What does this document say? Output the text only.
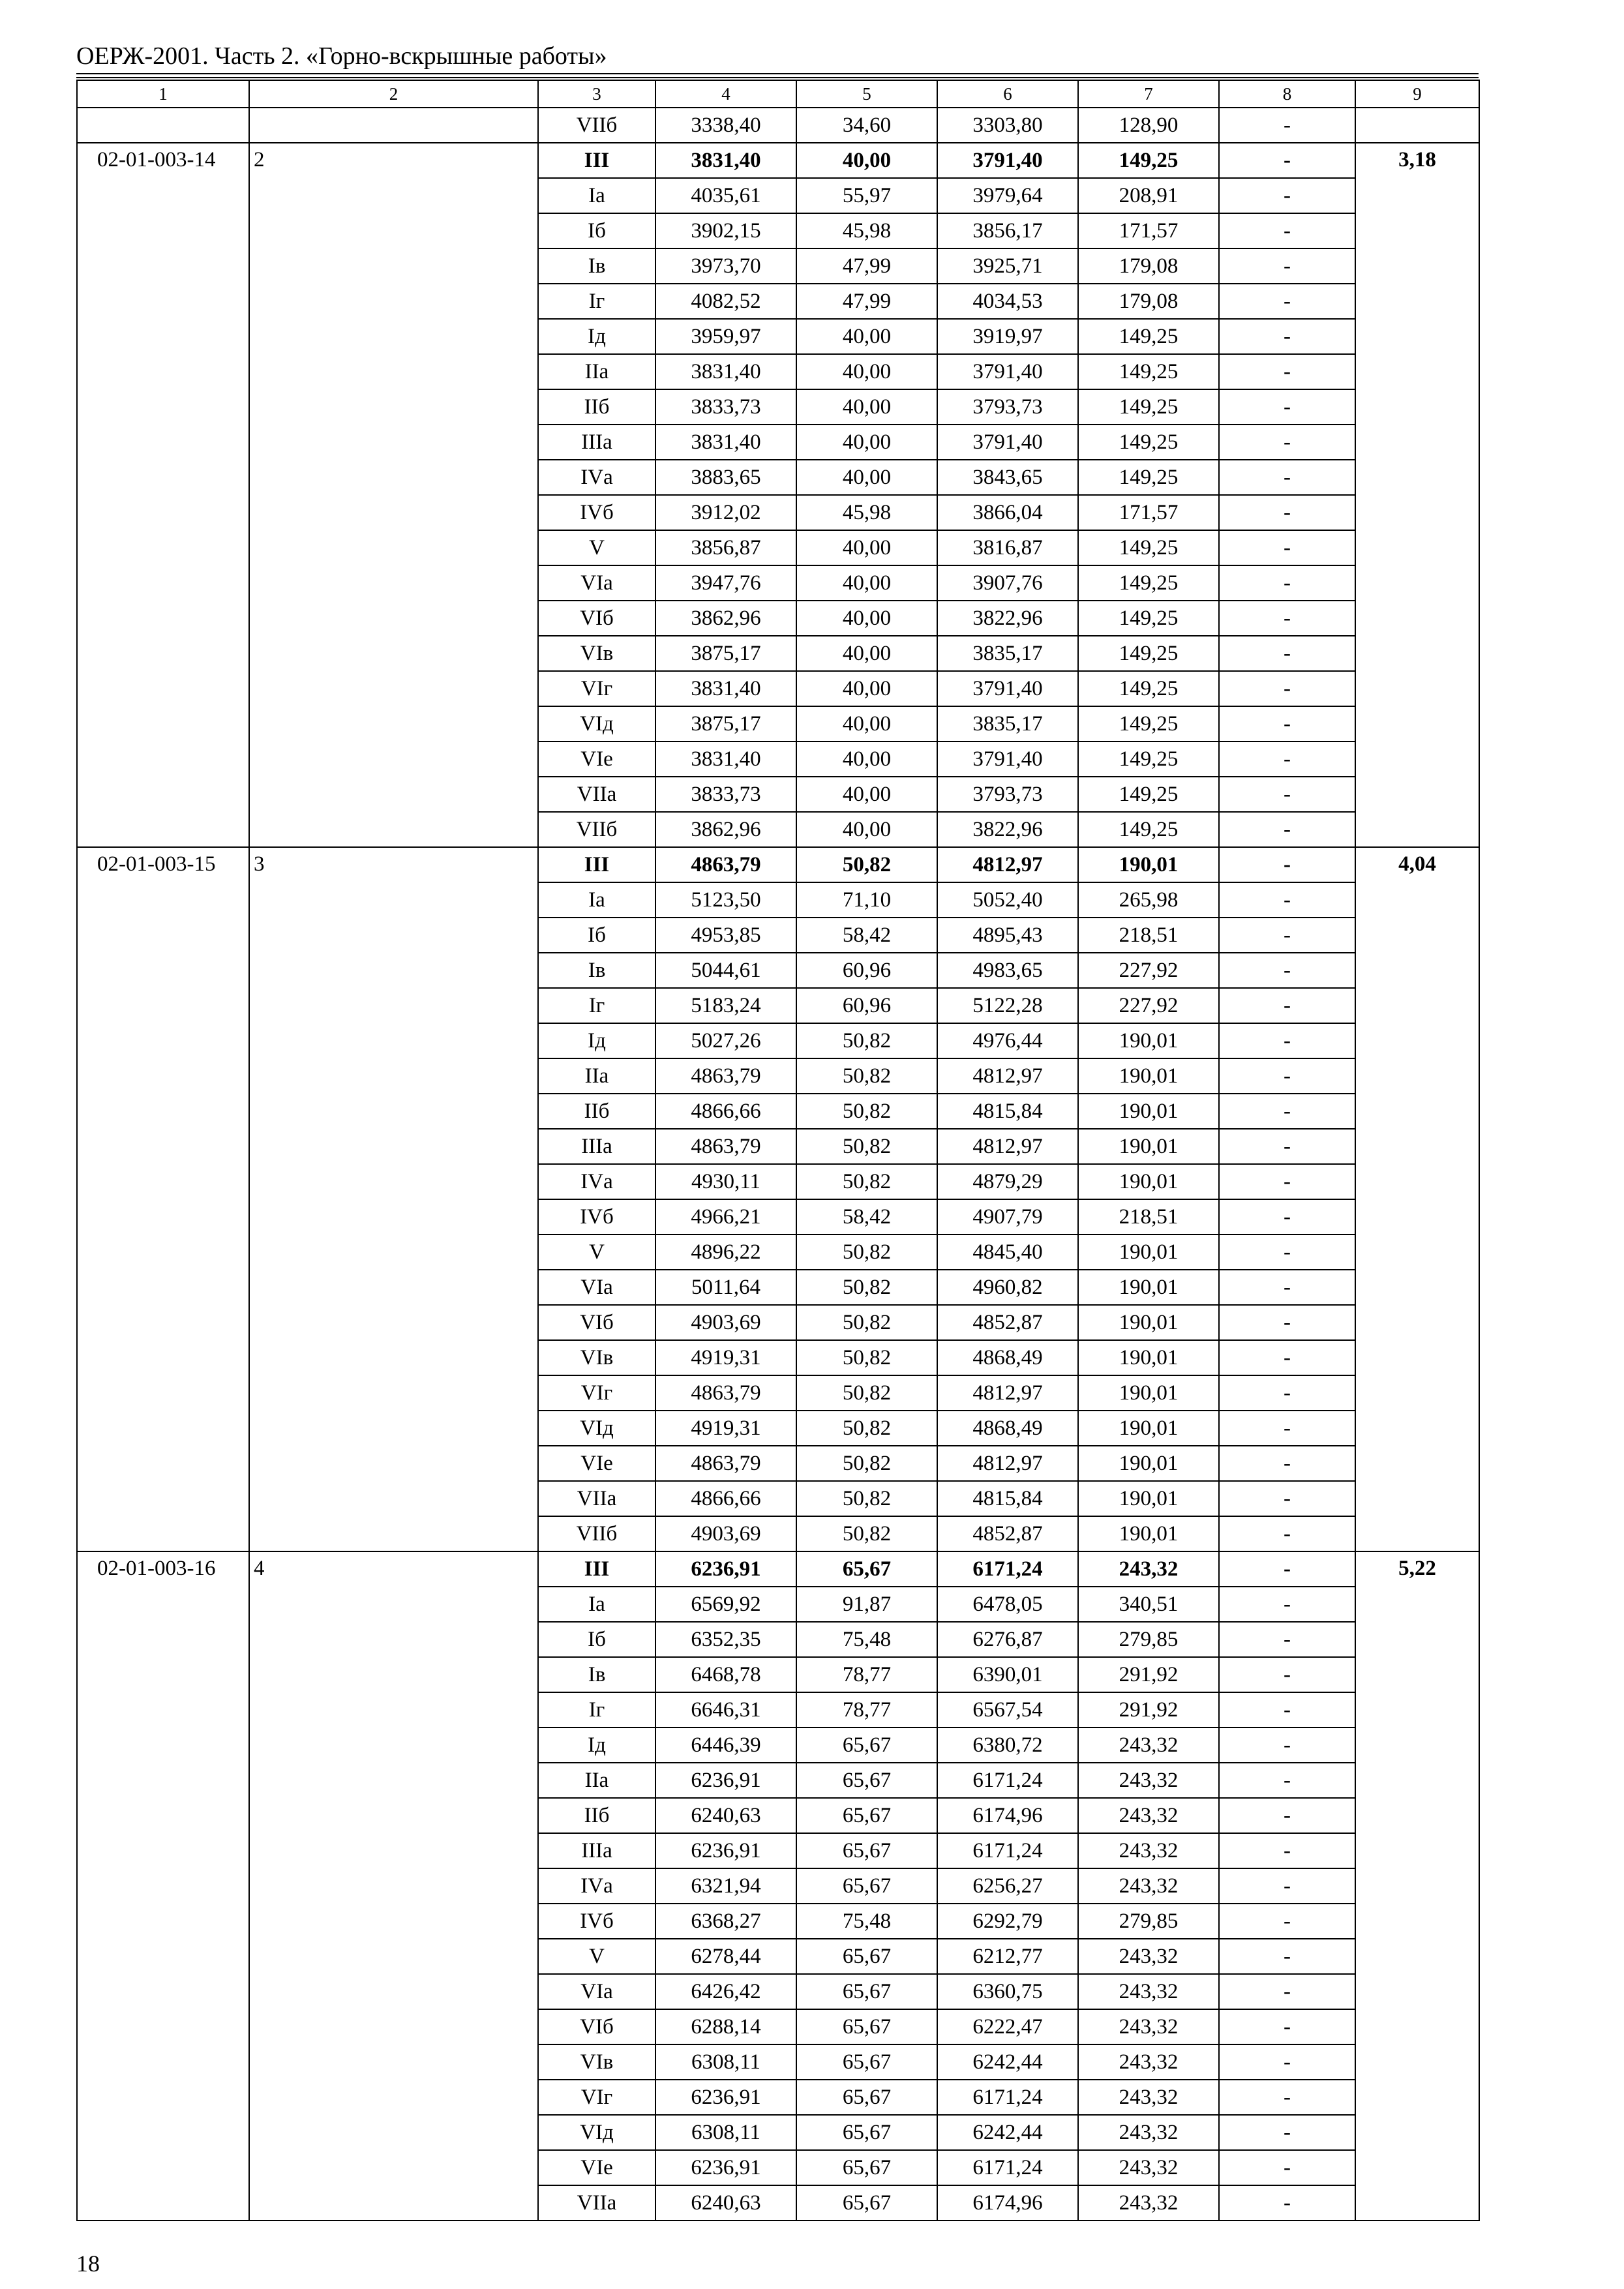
ОЕРЖ-2001. Часть 2. «Горно-вскрышные работы»
1	2	3	4	5	6	7	8	9
		VIIб	3338,40	34,60	3303,80	128,90	-	
02-01-003-14	2	III	3831,40	40,00	3791,40	149,25	-	3,18
		Iа	4035,61	55,97	3979,64	208,91	-	
		Iб	3902,15	45,98	3856,17	171,57	-	
		Iв	3973,70	47,99	3925,71	179,08	-	
		Iг	4082,52	47,99	4034,53	179,08	-	
		Iд	3959,97	40,00	3919,97	149,25	-	
		IIа	3831,40	40,00	3791,40	149,25	-	
		IIб	3833,73	40,00	3793,73	149,25	-	
		IIIа	3831,40	40,00	3791,40	149,25	-	
		IVа	3883,65	40,00	3843,65	149,25	-	
		IVб	3912,02	45,98	3866,04	171,57	-	
		V	3856,87	40,00	3816,87	149,25	-	
		VIа	3947,76	40,00	3907,76	149,25	-	
		VIб	3862,96	40,00	3822,96	149,25	-	
		VIв	3875,17	40,00	3835,17	149,25	-	
		VIг	3831,40	40,00	3791,40	149,25	-	
		VIд	3875,17	40,00	3835,17	149,25	-	
		VIе	3831,40	40,00	3791,40	149,25	-	
		VIIа	3833,73	40,00	3793,73	149,25	-	
		VIIб	3862,96	40,00	3822,96	149,25	-	
02-01-003-15	3	III	4863,79	50,82	4812,97	190,01	-	4,04
		Iа	5123,50	71,10	5052,40	265,98	-	
		Iб	4953,85	58,42	4895,43	218,51	-	
		Iв	5044,61	60,96	4983,65	227,92	-	
		Iг	5183,24	60,96	5122,28	227,92	-	
		Iд	5027,26	50,82	4976,44	190,01	-	
		IIа	4863,79	50,82	4812,97	190,01	-	
		IIб	4866,66	50,82	4815,84	190,01	-	
		IIIа	4863,79	50,82	4812,97	190,01	-	
		IVа	4930,11	50,82	4879,29	190,01	-	
		IVб	4966,21	58,42	4907,79	218,51	-	
		V	4896,22	50,82	4845,40	190,01	-	
		VIа	5011,64	50,82	4960,82	190,01	-	
		VIб	4903,69	50,82	4852,87	190,01	-	
		VIв	4919,31	50,82	4868,49	190,01	-	
		VIг	4863,79	50,82	4812,97	190,01	-	
		VIд	4919,31	50,82	4868,49	190,01	-	
		VIе	4863,79	50,82	4812,97	190,01	-	
		VIIа	4866,66	50,82	4815,84	190,01	-	
		VIIб	4903,69	50,82	4852,87	190,01	-	
02-01-003-16	4	III	6236,91	65,67	6171,24	243,32	-	5,22
		Iа	6569,92	91,87	6478,05	340,51	-	
		Iб	6352,35	75,48	6276,87	279,85	-	
		Iв	6468,78	78,77	6390,01	291,92	-	
		Iг	6646,31	78,77	6567,54	291,92	-	
		Iд	6446,39	65,67	6380,72	243,32	-	
		IIа	6236,91	65,67	6171,24	243,32	-	
		IIб	6240,63	65,67	6174,96	243,32	-	
		IIIа	6236,91	65,67	6171,24	243,32	-	
		IVа	6321,94	65,67	6256,27	243,32	-	
		IVб	6368,27	75,48	6292,79	279,85	-	
		V	6278,44	65,67	6212,77	243,32	-	
		VIа	6426,42	65,67	6360,75	243,32	-	
		VIб	6288,14	65,67	6222,47	243,32	-	
		VIв	6308,11	65,67	6242,44	243,32	-	
		VIг	6236,91	65,67	6171,24	243,32	-	
		VIд	6308,11	65,67	6242,44	243,32	-	
		VIе	6236,91	65,67	6171,24	243,32	-	
		VIIа	6240,63	65,67	6174,96	243,32	-	
18
